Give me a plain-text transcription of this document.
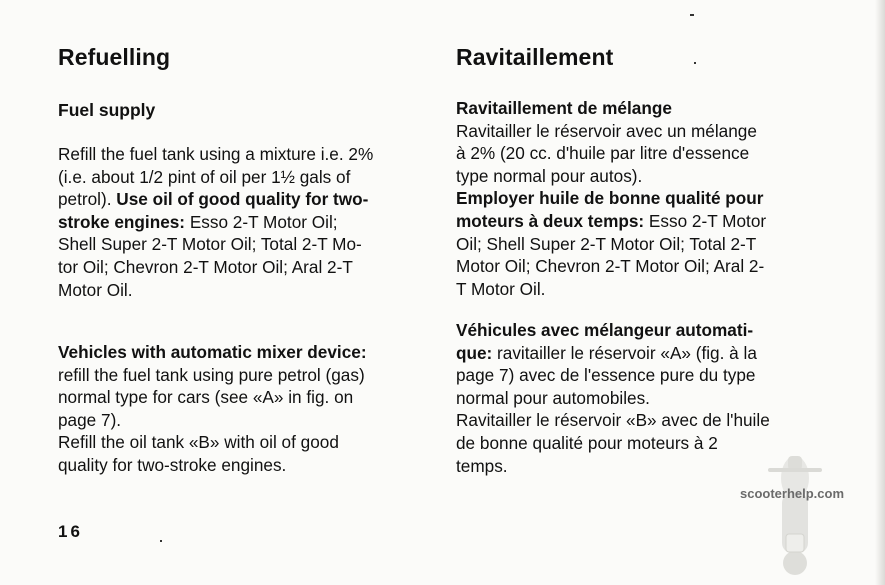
Refuelling
Fuel supply

Refill the fuel tank using a mixture i.e. 2%
(i.e. about 1/2 pint of oil per 1½ gals of
petrol). Use oil of good quality for two-
stroke engines: Esso 2-T Motor Oil;
Shell Super 2-T Motor Oil; Total 2-T Mo-
tor Oil; Chevron 2-T Motor Oil; Aral 2-T
Motor Oil.

Vehicles with automatic mixer device:
refill the fuel tank using pure petrol (gas)
normal type for cars (see «A» in fig. on
page 7).
Refill the oil tank «B» with oil of good
quality for two-stroke engines.

Ravitaillement

Ravitaillement de mélange
Ravitailler le réservoir avec un mélange
à 2% (20 cc. d'huile par litre d'essence
type normal pour autos).
Employer huile de bonne qualité pour
moteurs à deux temps: Esso 2-T Motor
Oil; Shell Super 2-T Motor Oil; Total 2-T
Motor Oil; Chevron 2-T Motor Oil; Aral 2-
T Motor Oil.

Véhicules avec mélangeur automati-
que: ravitailler le réservoir «A» (fig. à la
page 7) avec de l'essence pure du type
normal pour automobiles.
Ravitailler le réservoir «B» avec de l'huile
de bonne qualité pour moteurs à 2
temps.

16
scooterhelp.com
